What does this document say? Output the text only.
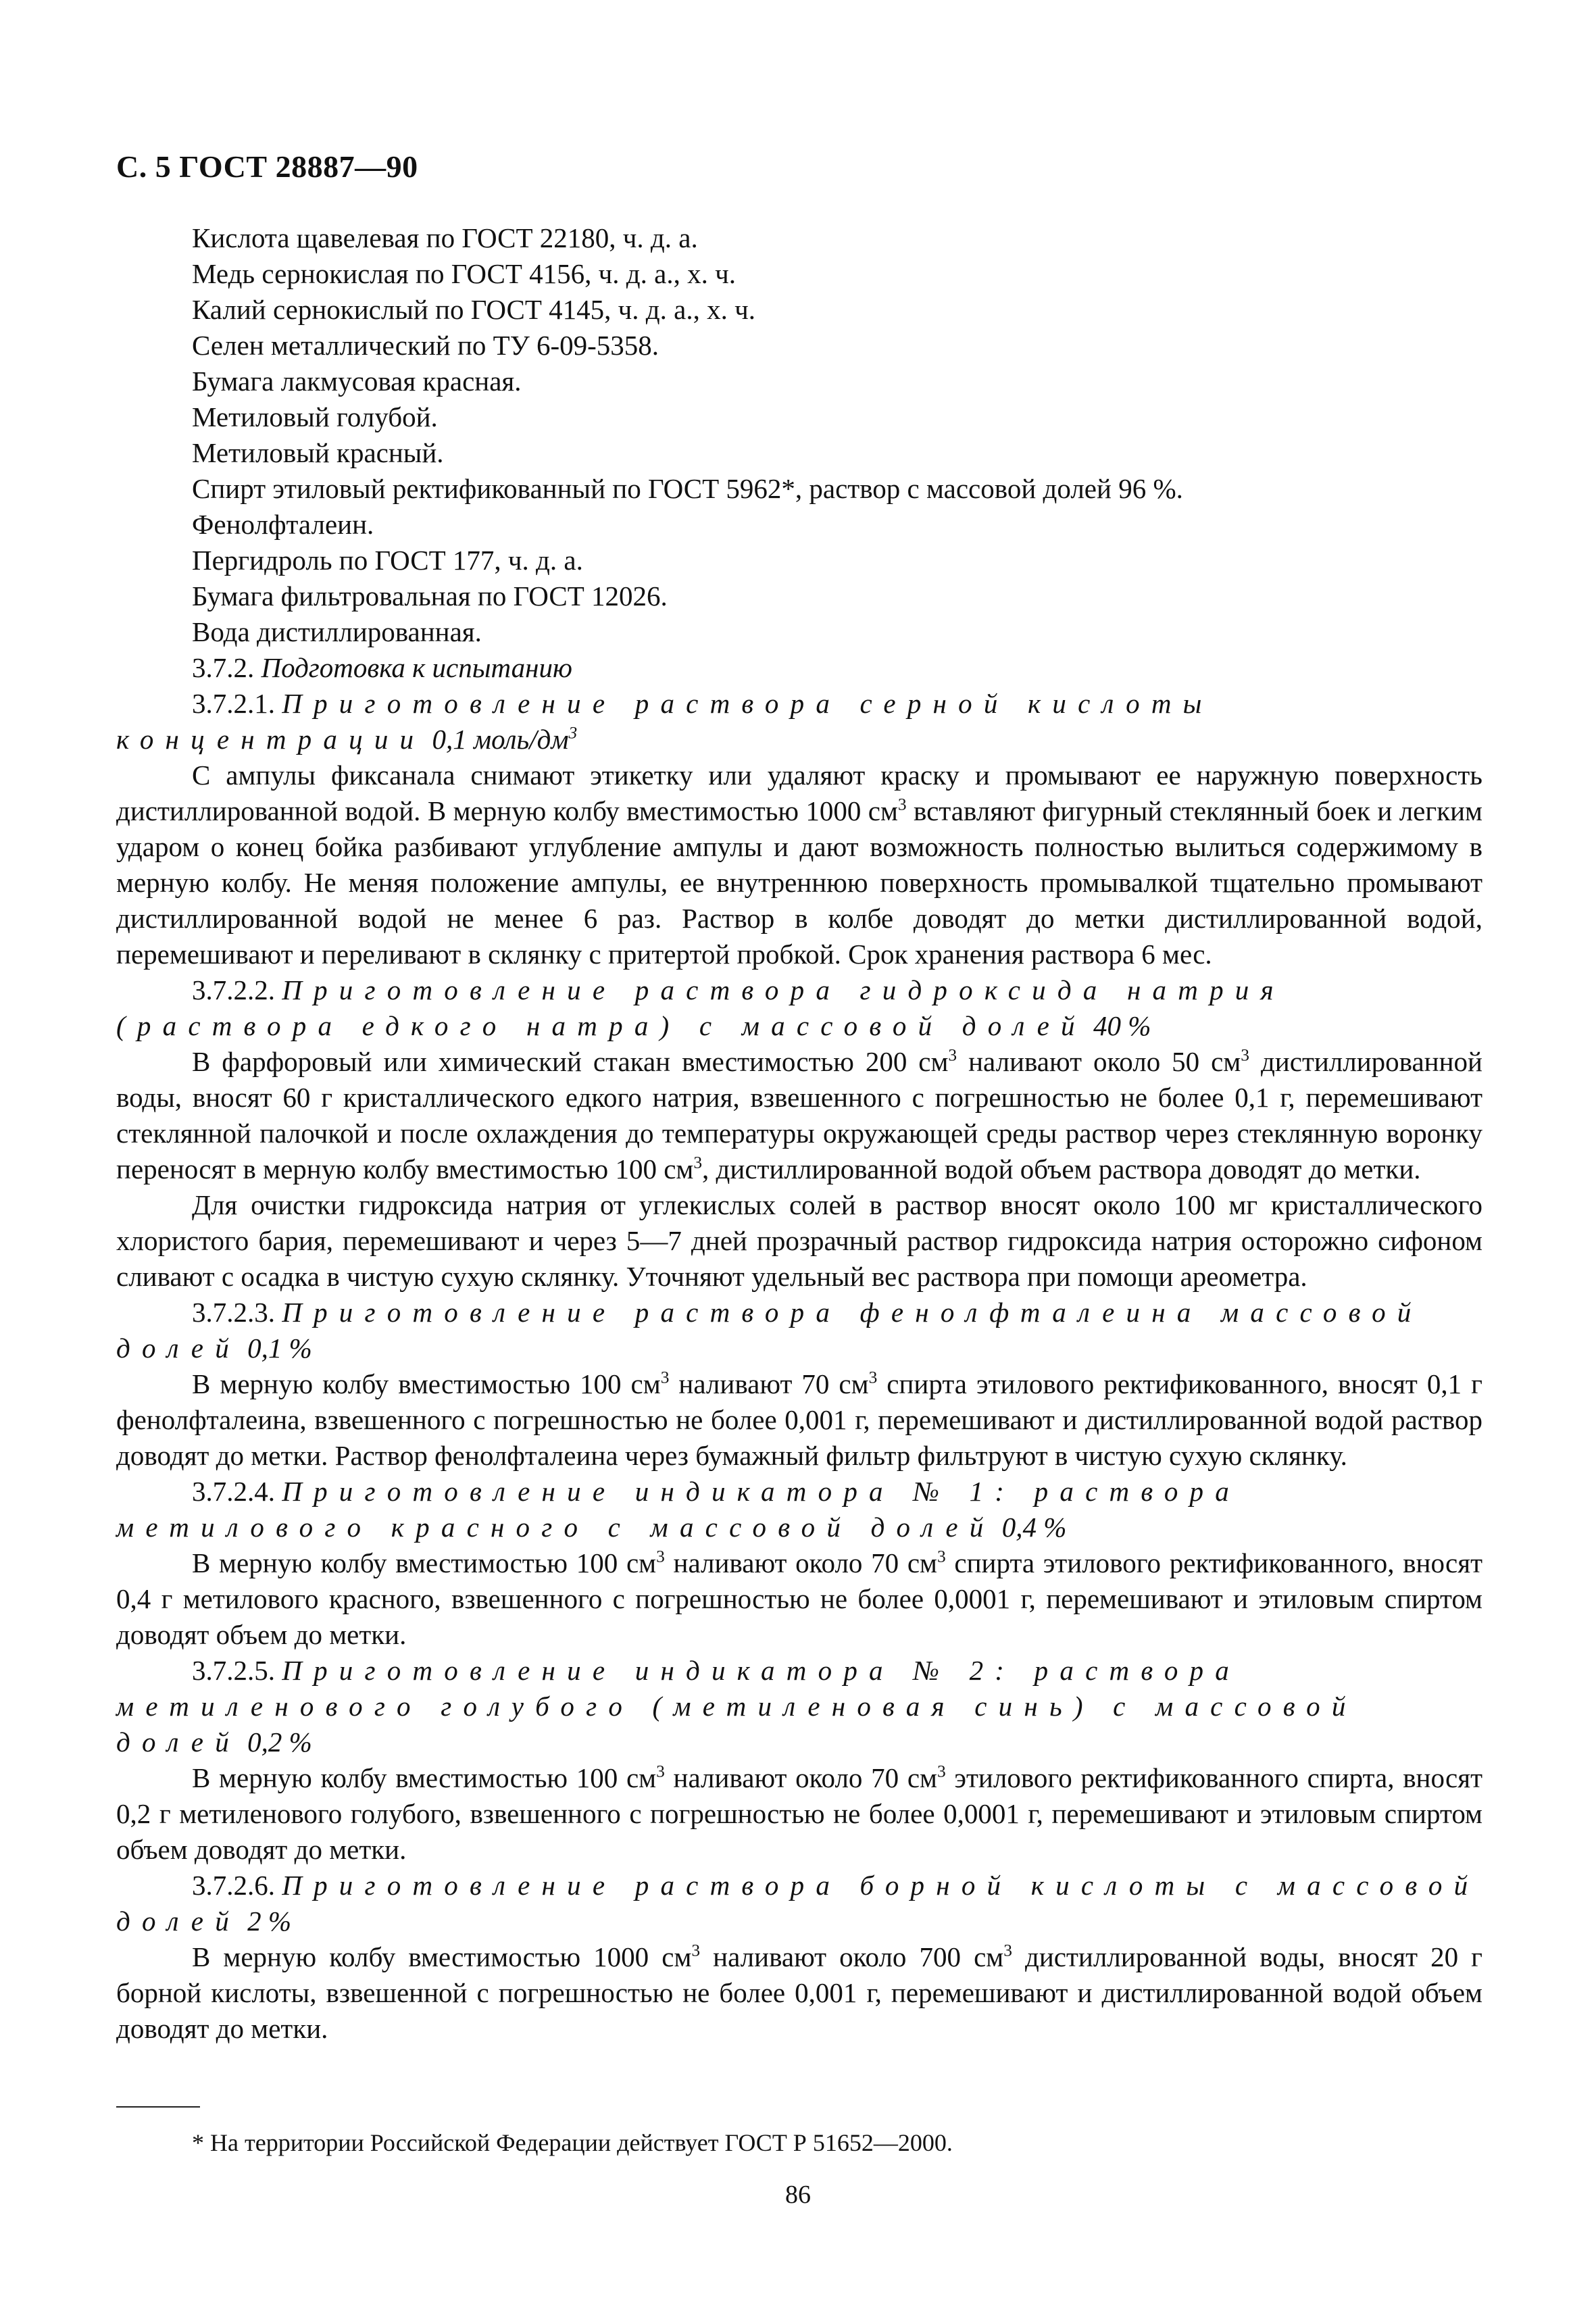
С. 5 ГОСТ 28887—90
Кислота щавелевая по ГОСТ 22180, ч. д. а.
Медь сернокислая по ГОСТ 4156, ч. д. а., х. ч.
Калий сернокислый по ГОСТ 4145, ч. д. а., х. ч.
Селен металлический по ТУ 6-09-5358.
Бумага лакмусовая красная.
Метиловый голубой.
Метиловый красный.
Спирт этиловый ректификованный по ГОСТ 5962*, раствор с массовой долей 96 %.
Фенолфталеин.
Пергидроль по ГОСТ 177, ч. д. а.
Бумага фильтровальная по ГОСТ 12026.
Вода дистиллированная.
3.7.2. Подготовка к испытанию

3.7.2.1. Приготовление раствора серной кислоты концентрации 0,1 моль/$дм^3$

С ампулы фиксанала снимают этикетку или удаляют краску и промывают ее наружную поверхность дистиллированной водой. В мерную колбу вместимостью 1000 $см^3$ вставляют фигурный стеклянный боек и легким ударом о конец бойка разбивают углубление ампулы и дают возможность полностью вылиться содержимому в мерную колбу. Не меняя положение ампулы, ее внутреннюю поверхность промывалкой тщательно промывают дистиллированной водой не менее 6 раз. Раствор в колбе доводят до метки дистиллированной водой, перемешивают и переливают в склянку с притертой пробкой. Срок хранения раствора 6 мес.

3.7.2.2. Приготовление раствора гидроксида натрия (раствора едкого натра) с массовой долей 40 %

В фарфоровый или химический стакан вместимостью 200 $см^3$ наливают около 50 $см^3$ дистиллированной воды, вносят 60 г кристаллического едкого натрия, взвешенного с погрешностью не более 0,1 г, перемешивают стеклянной палочкой и после охлаждения до температуры окружающей среды раствор через стеклянную воронку переносят в мерную колбу вместимостью 100 $см^3$, дистиллированной водой объем раствора доводят до метки.

Для очистки гидроксида натрия от углекислых солей в раствор вносят около 100 мг кристаллического хлористого бария, перемешивают и через 5—7 дней прозрачный раствор гидроксида натрия осторожно сифоном сливают с осадка в чистую сухую склянку. Уточняют удельный вес раствора при помощи ареометра.

3.7.2.3. Приготовление раствора фенолфталеина массовой долей 0,1 %

В мерную колбу вместимостью 100 $см^3$ наливают 70 $см^3$ спирта этилового ректификованного, вносят 0,1 г фенолфталеина, взвешенного с погрешностью не более 0,001 г, перемешивают и дистиллированной водой раствор доводят до метки. Раствор фенолфталеина через бумажный фильтр фильтруют в чистую сухую склянку.

3.7.2.4. Приготовление индикатора № 1: раствора метилового красного с массовой долей 0,4 %

В мерную колбу вместимостью 100 $см^3$ наливают около 70 $см^3$ спирта этилового ректификованного, вносят 0,4 г метилового красного, взвешенного с погрешностью не более 0,0001 г, перемешивают и этиловым спиртом доводят объем до метки.

3.7.2.5. Приготовление индикатора № 2: раствора метиленового голубого (метиленовая синь) с массовой долей 0,2 %

В мерную колбу вместимостью 100 $см^3$ наливают около 70 $см^3$ этилового ректификованного спирта, вносят 0,2 г метиленового голубого, взвешенного с погрешностью не более 0,0001 г, перемешивают и этиловым спиртом объем доводят до метки.

3.7.2.6. Приготовление раствора борной кислоты с массовой долей 2 %

В мерную колбу вместимостью 1000 $см^3$ наливают около 700 $см^3$ дистиллированной воды, вносят 20 г борной кислоты, взвешенной с погрешностью не более 0,001 г, перемешивают и дистиллированной водой объем доводят до метки.

* На территории Российской Федерации действует ГОСТ Р 51652—2000.
86
